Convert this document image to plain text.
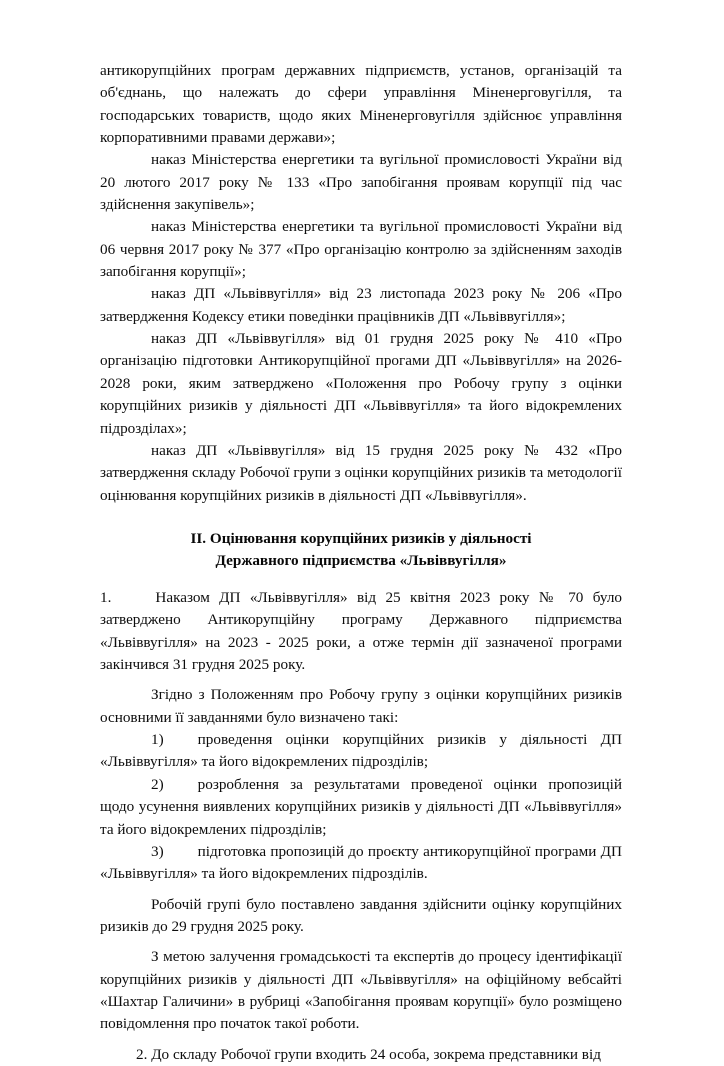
антикорупційних програм державних підприємств, установ, організацій та об'єднань, що належать до сфери управління Міненерговугілля, та господарських товариств, щодо яких Міненерговугілля здійснює управління корпоративними правами держави»;

наказ Міністерства енергетики та вугільної промисловості України від 20 лютого 2017 року № 133 «Про запобігання проявам корупції під час здійснення закупівель»;

наказ Міністерства енергетики та вугільної промисловості України від 06 червня 2017 року № 377 «Про організацію контролю за здійсненням заходів запобігання корупції»;

наказ ДП «Львіввугілля» від 23 листопада 2023 року № 206 «Про затвердження Кодексу етики поведінки працівників ДП «Львіввугілля»;

наказ ДП «Львіввугілля» від 01 грудня 2025 року № 410 «Про організацію підготовки Антикорупційної прогами ДП «Львіввугілля» на 2026-2028 роки, яким затверджено «Положення про Робочу групу з оцінки корупційних ризиків у діяльності ДП «Львіввугілля» та його відокремлених підрозділах»;

наказ ДП «Львіввугілля» від 15 грудня 2025 року № 432 «Про затвердження складу Робочої групи з оцінки корупційних ризиків та методології оцінювання корупційних ризиків в діяльності ДП «Львіввугілля».

II. Оцінювання корупційних ризиків у діяльності
Державного підприємства «Львіввугілля»

1.	Наказом ДП «Львіввугілля» від 25 квітня 2023 року № 70 було затверджено Антикорупційну програму Державного підприємства «Львіввугілля» на 2023 - 2025 роки, а отже термін дії зазначеної програми закінчився 31 грудня 2025 року.

Згідно з Положенням про Робочу групу з оцінки корупційних ризиків основними її завданнями було визначено такі:

1) проведення оцінки корупційних ризиків у діяльності ДП «Львіввугілля» та його відокремлених підрозділів;

2) розроблення за результатами проведеної оцінки пропозицій щодо усунення виявлених корупційних ризиків у діяльності ДП «Львіввугілля» та його відокремлених підрозділів;

3) підготовка пропозицій до проєкту антикорупційної програми ДП «Львіввугілля» та його відокремлених підрозділів.

Робочій групі було поставлено завдання здійснити оцінку корупційних ризиків до 29 грудня 2025 року.

З метою залучення громадськості та експертів до процесу ідентифікації корупційних ризиків у діяльності ДП «Львіввугілля» на офіційному вебсайті «Шахтар Галичини» в рубриці «Запобігання проявам корупції» було розміщено повідомлення про початок такої роботи.

2. До складу Робочої групи входить 24 особа, зокрема представники від
